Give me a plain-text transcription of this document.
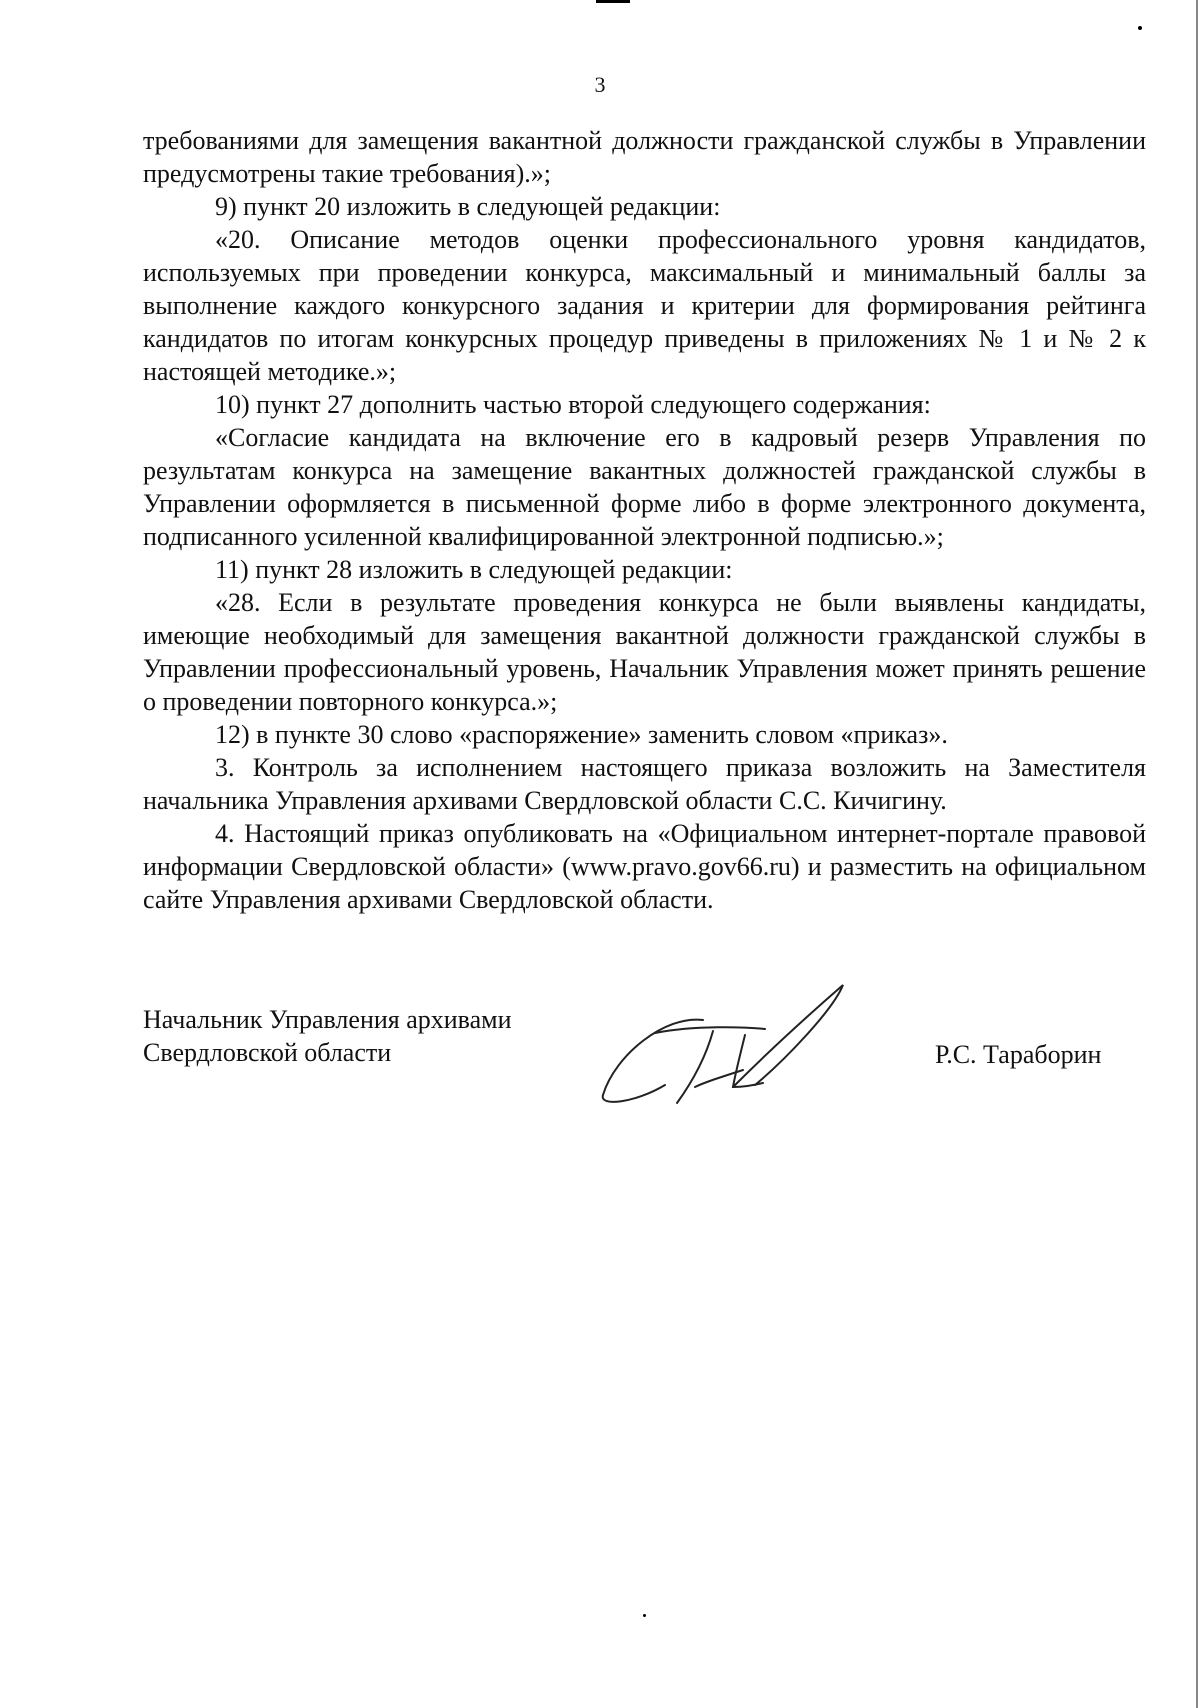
3

требованиями для замещения вакантной должности гражданской службы в Управлении предусмотрены такие требования).»;

9) пункт 20 изложить в следующей редакции:

«20. Описание методов оценки профессионального уровня кандидатов, используемых при проведении конкурса, максимальный и минимальный баллы за выполнение каждого конкурсного задания и критерии для формирования рейтинга кандидатов по итогам конкурсных процедур приведены в приложениях № 1 и № 2 к настоящей методике.»;

10) пункт 27 дополнить частью второй следующего содержания:

«Согласие кандидата на включение его в кадровый резерв Управления по результатам конкурса на замещение вакантных должностей гражданской службы в Управлении оформляется в письменной форме либо в форме электронного документа, подписанного усиленной квалифицированной электронной подписью.»;

11) пункт 28 изложить в следующей редакции:

«28. Если в результате проведения конкурса не были выявлены кандидаты, имеющие необходимый для замещения вакантной должности гражданской службы в Управлении профессиональный уровень, Начальник Управления может принять решение о проведении повторного конкурса.»;

12) в пункте 30 слово «распоряжение» заменить словом «приказ».

3. Контроль за исполнением настоящего приказа возложить на Заместителя начальника Управления архивами Свердловской области С.С. Кичигину.

4. Настоящий приказ опубликовать на «Официальном интернет-портале правовой информации Свердловской области» (www.pravo.gov66.ru) и разместить на официальном сайте Управления архивами Свердловской области.

Начальник Управления архивами
Свердловской области	Р.С. Тараборин
